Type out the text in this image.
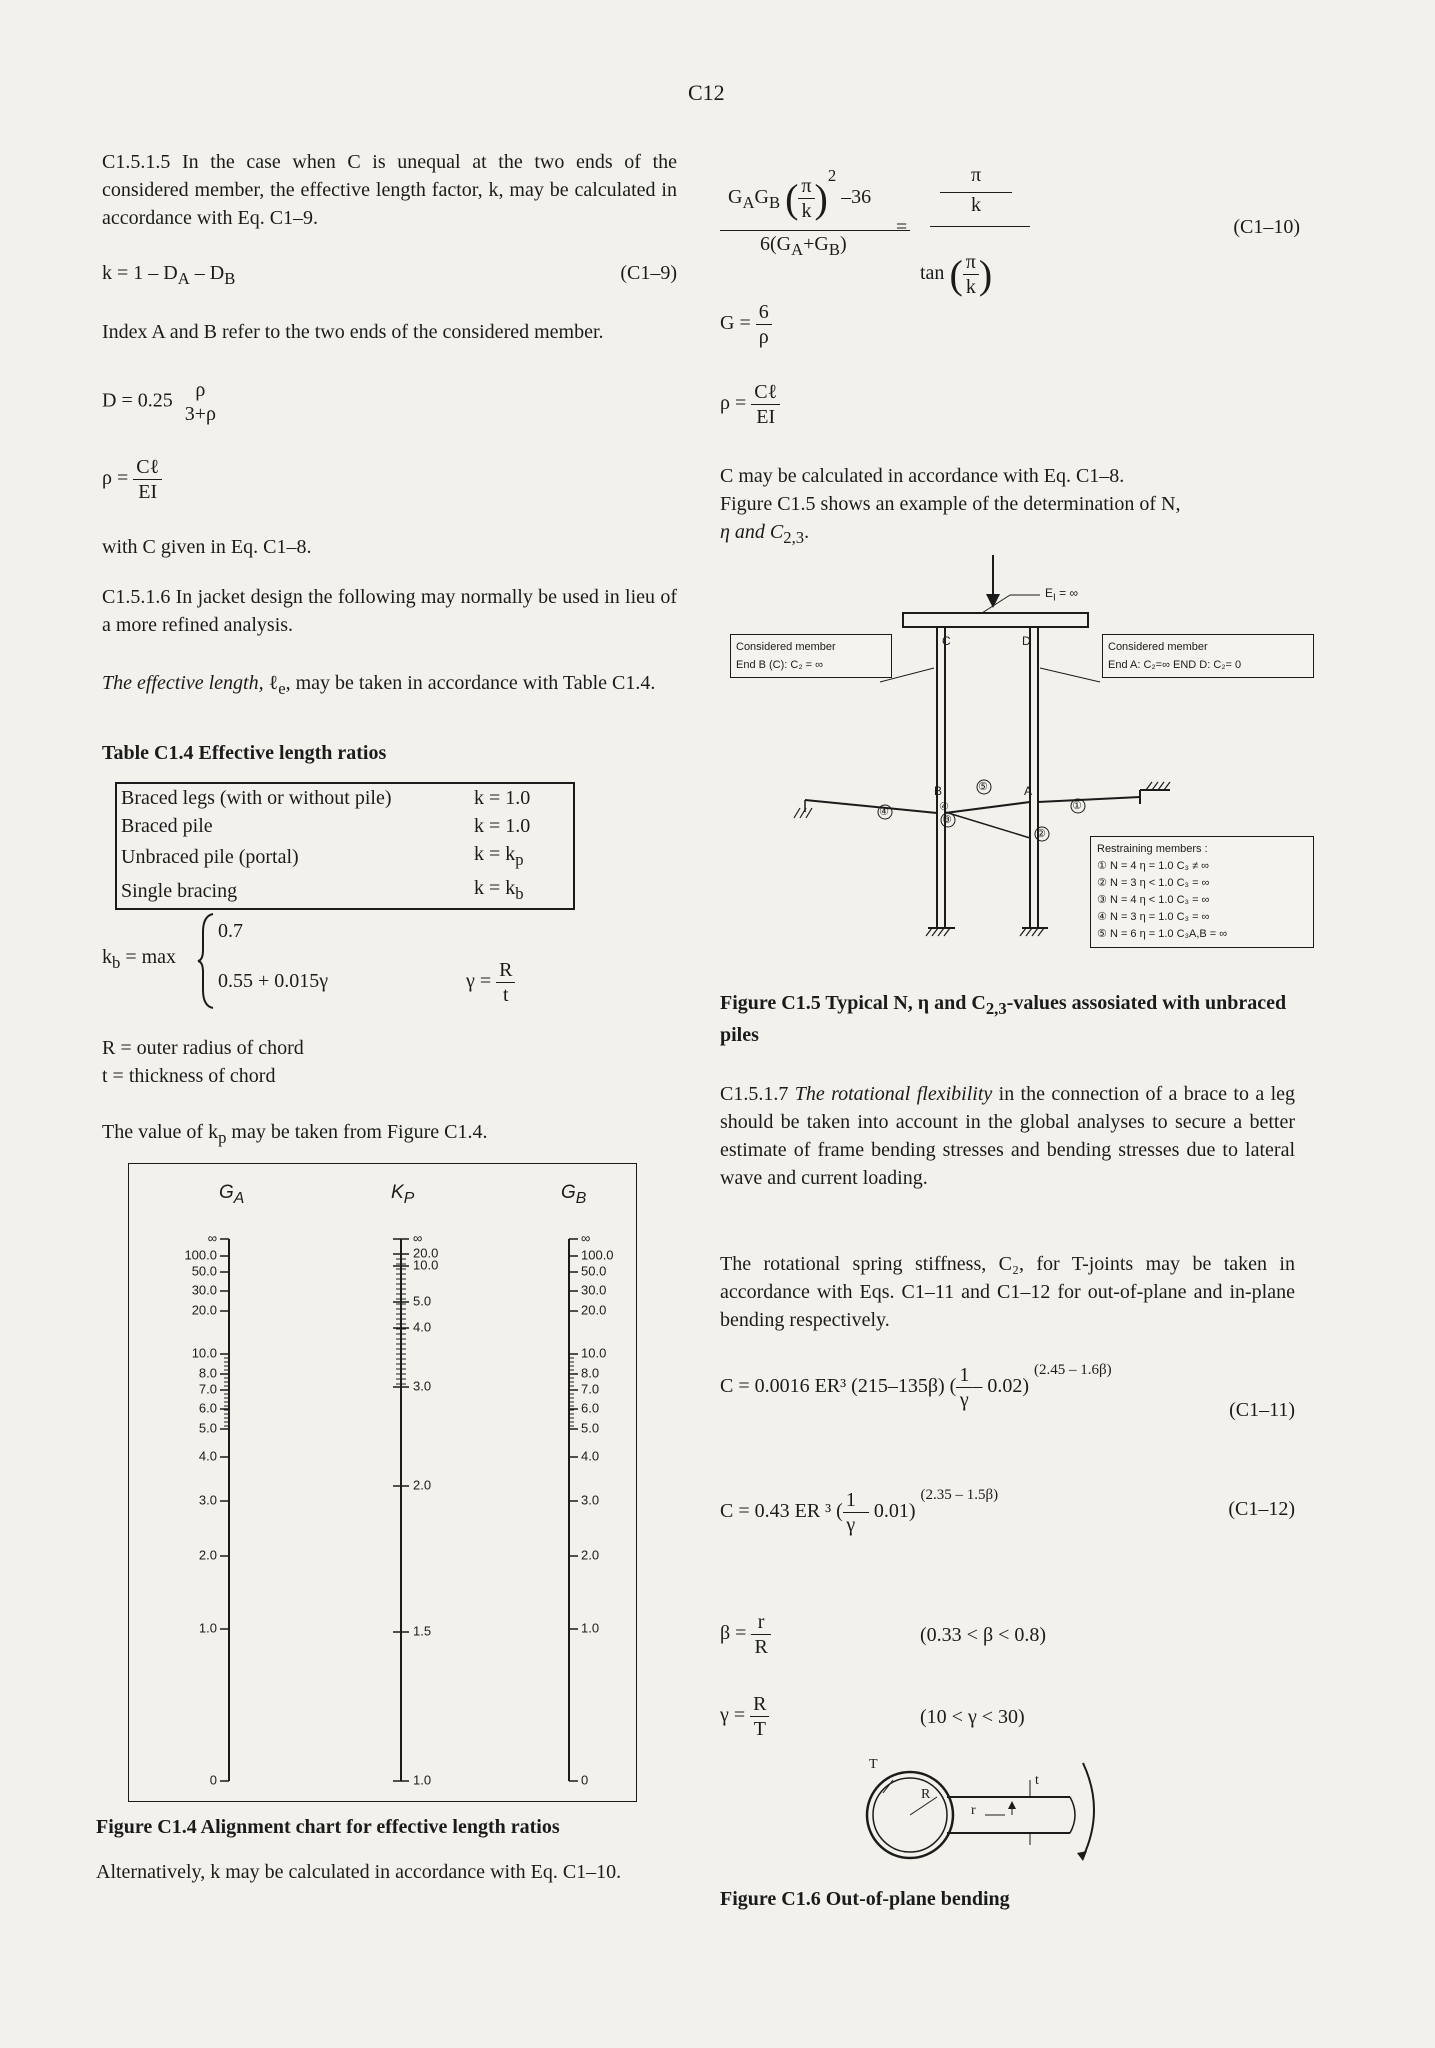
C12
C1.5.1.5 In the case when C is unequal at the two ends of the considered member, the effective length factor, k, may be calculated in accordance with Eq. C1–9.
$k = 1 - D_A - D_B$	(C1–9)
Index A and B refer to the two ends of the considered member.
D = 0.25	ρ
3+ρ
$\rho = \frac{\text{Cℓ}}{EI}$
with C given in Eq. C1–8.
C1.5.1.6 In jacket design the following may normally be used in lieu of a more refined analysis.
The effective length, ℓ$_e$, may be taken in accordance with Table C1.4.
Table C1.4 Effective length ratios
Braced legs (with or without pile)	k = 1.0
Braced pile	k = 1.0
Unbraced pile (portal)	$k = k_p$
Single bracing	$k = k_b$
$k_b = \max$
0.7
0.55 + 0.015γ	$\gamma = \frac{R}{t}$
R = outer radius of chord
t = thickness of chord
The value of $k_p$ may be taken from Figure C1.4.
∞	∞
100.0	100.0
50.0	50.0
30.0	30.0
20.0	20.0
10.0	10.0
8.0	8.0
7.0	7.0
6.0	6.0
5.0	5.0
4.0	4.0
3.0	3.0
2.0	2.0
1.0	1.0
0	0
∞
20.0
10.0
5.0
4.0
3.0
2.0
1.5
1.0
$G_A$	$K_P$	$G_B$
Figure C1.4 Alignment chart for effective length ratios
Alternatively, k may be calculated in accordance with Eq. C1–10.
$G_AG_B$ ( $\frac{\pi}{k} )^2$ –36
$6(G_A+G_B)$
=
π
k
tan ( $\frac{\pi}{k}$ )
(C1–10)
$G = \frac{6}{\rho}$
$\rho = \frac{\text{Cℓ}}{EI}$
C may be calculated in accordance with Eq. C1–8.
Figure C1.5 shows an example of the determination of N,
η and $C_{2,3}$.
④
④
⑤
③
②
①
$E_I$ = ∞
C	D
B	A
Considered member
End B (C): C₂ = ∞
Considered member
End A: C₂=∞ END D: C₂= 0
Restraining members :
① N = 4 η = 1.0 C₃ ≠ ∞
② N = 3 η < 1.0 C₃ = ∞
③ N = 4 η < 1.0 C₃ = ∞
④ N = 3 η = 1.0 C₃ = ∞
⑤ N = 6 η = 1.0 C₃A,B = ∞
Figure C1.5 Typical N, η and $C_{2,3}$-values assosiated with unbraced piles
C1.5.1.7 The rotational flexibility in the connection of a brace to a leg should be taken into account in the global analyses to secure a better estimate of frame bending stresses and bending stresses due to lateral wave and current loading.
The rotational spring stiffness, C₂, for T-joints may be taken in accordance with Eqs. C1–11 and C1–12 for out-of-plane and in-plane bending respectively.
C = 0.0016 ER³ (215–135β) ( $\frac{1}{\gamma} - 0.02$) $^{(2.45 - 1.6\beta)}$
(C1–11)
C = 0.43 ER ³ ( $\frac{1}{\gamma} - 0.01$) $^{(2.35 - 1.5\beta)}$
(C1–12)
$\beta = \frac{r}{R}$	(0.33 < β < 0.8)
$\gamma = \frac{R}{T}$	(10 < γ < 30)
T
R
r
t
Figure C1.6 Out-of-plane bending
